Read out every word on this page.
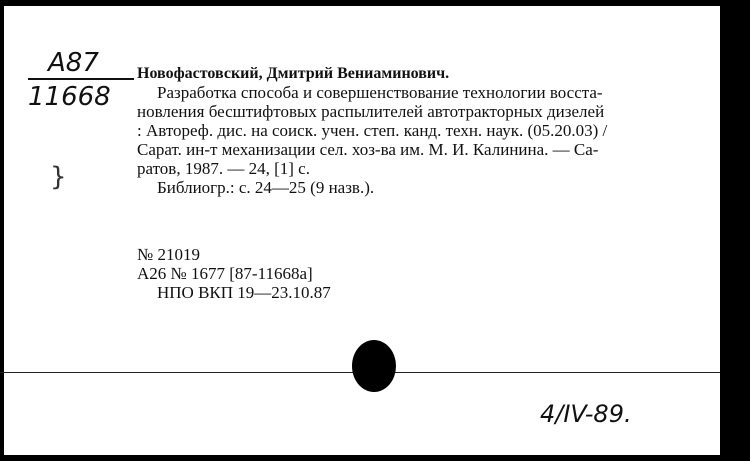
A87
11668
}

Новофастовский, Дмитрий Вениаминович.

Разработка способа и совершенствование технологии восста-
новления бесштифтовых распылителей автотракторных дизелей
: Автореф. дис. на соиск. учен. степ. канд. техн. наук. (05.20.03) /
Сарат. ин-т механизации сел. хоз-ва им. М. И. Калинина. — Са-
ратов, 1987. — 24, [1] с.

Библиогр.: с. 24—25 (9 назв.).

№ 21019
А26 № 1677 [87-11668а]
НПО ВКП 19—23.10.87
4/IV-89.
